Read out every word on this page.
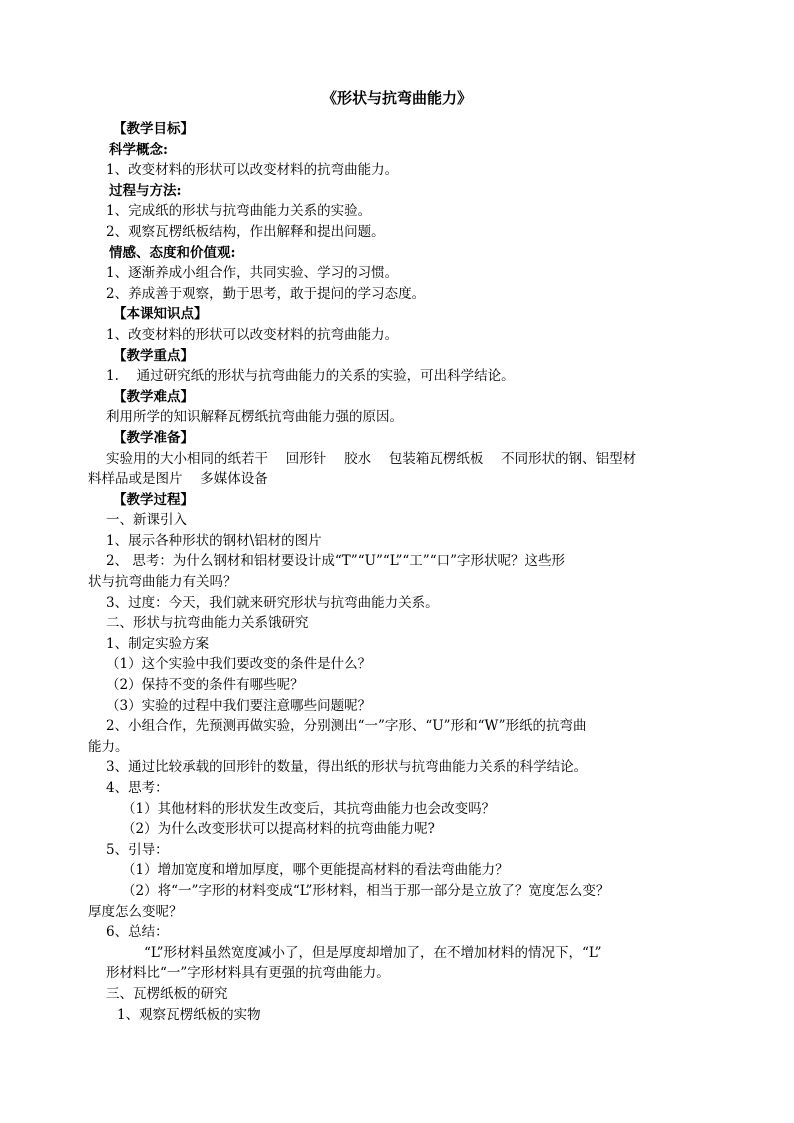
《形状与抗弯曲能力》
【教学目标】
科学概念:
1、改变材料的形状可以改变材料的抗弯曲能力。
过程与方法:
1、完成纸的形状与抗弯曲能力关系的实验。
2、观察瓦楞纸板结构，作出解释和提出问题。
情感、态度和价值观:
1、逐渐养成小组合作，共同实验、学习的习惯。
2、养成善于观察，勤于思考，敢于提问的学习态度。
【本课知识点】
1、改变材料的形状可以改变材料的抗弯曲能力。
【教学重点】
1.　 通过研究纸的形状与抗弯曲能力的关系的实验，可出科学结论。
【教学难点】
利用所学的知识解释瓦楞纸抗弯曲能力强的原因。
【教学准备】
实验用的大小相同的纸若干　 回形针　 胶水　 包装箱瓦楞纸板　 不同形状的钢、铝型材
料样品或是图片　 多媒体设备
【教学过程】
一、新课引入
1、展示各种形状的钢材\铝材的图片
2、 思考：为什么钢材和铝材要设计成“T”“U”“L”“工”“口”字形状呢？这些形
状与抗弯曲能力有关吗？
3、过度：今天，我们就来研究形状与抗弯曲能力关系。
二、形状与抗弯曲能力关系饿研究
1、制定实验方案
（1）这个实验中我们要改变的条件是什么？
（2）保持不变的条件有哪些呢？
（3）实验的过程中我们要注意哪些问题呢？
2、小组合作，先预测再做实验，分别测出“一”字形、“U”形和“W”形纸的抗弯曲
能力。
3、通过比较承载的回形针的数量，得出纸的形状与抗弯曲能力关系的科学结论。
4、思考：
（1）其他材料的形状发生改变后，其抗弯曲能力也会改变吗？
（2）为什么改变形状可以提高材料的抗弯曲能力呢?
5、引导：
（1）增加宽度和增加厚度，哪个更能提高材料的看法弯曲能力？
（2）将“一”字形的材料变成“L”形材料，相当于那一部分是立放了？宽度怎么变？
厚度怎么变呢？
6、总结：
“L”形材料虽然宽度减小了，但是厚度却增加了，在不增加材料的情况下，“L”
形材料比“一”字形材料具有更强的抗弯曲能力。
三、瓦楞纸板的研究
1、观察瓦楞纸板的实物
